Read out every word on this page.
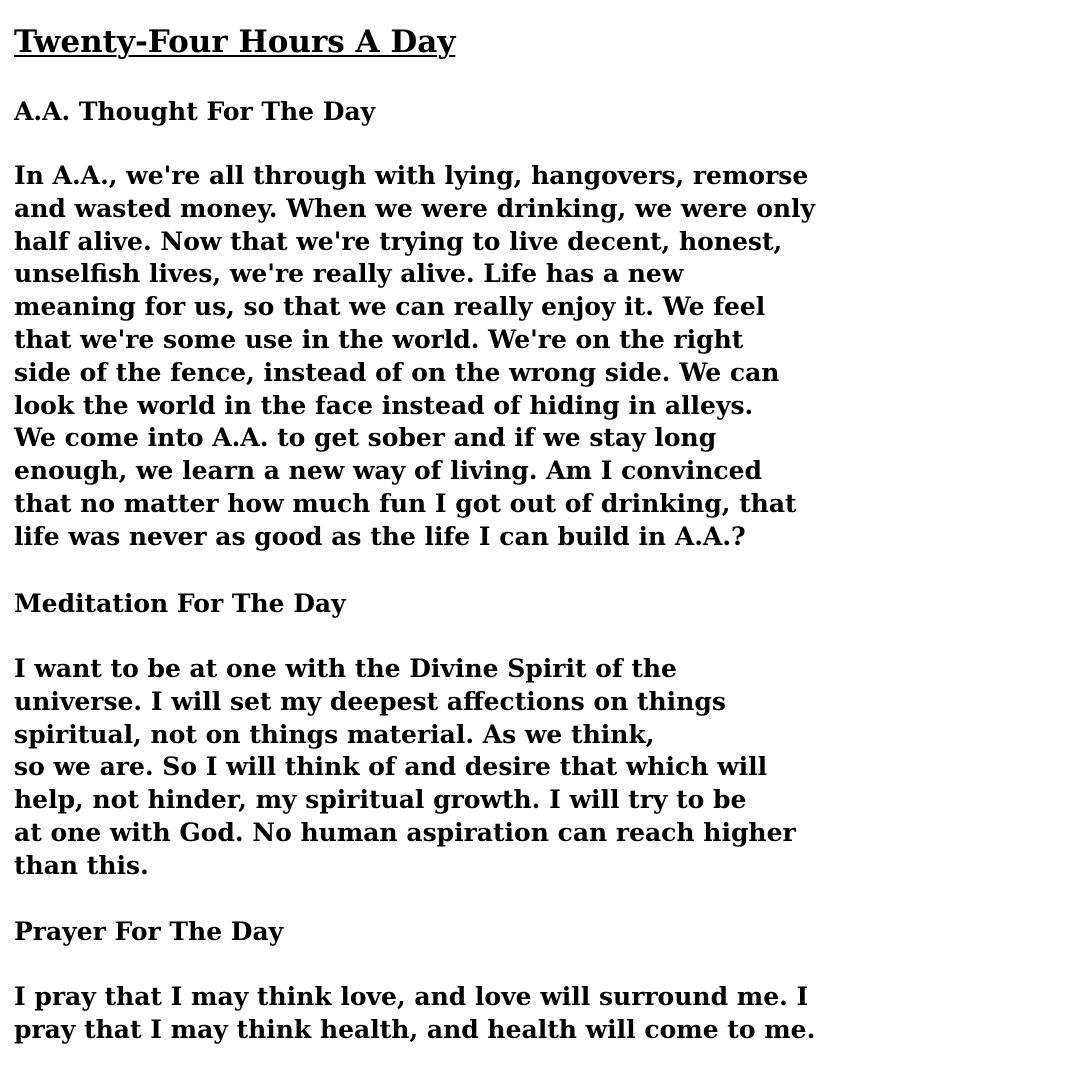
Twenty-Four Hours A Day
A.A. Thought For The Day
In A.A., we're all through with lying, hangovers, remorse
and wasted money. When we were drinking, we were only
half alive. Now that we're trying to live decent, honest,
unselfish lives, we're really alive. Life has a new
meaning for us, so that we can really enjoy it. We feel
that we're some use in the world. We're on the right
side of the fence, instead of on the wrong side. We can
look the world in the face instead of hiding in alleys.
We come into A.A. to get sober and if we stay long
enough, we learn a new way of living. Am I convinced
that no matter how much fun I got out of drinking, that
life was never as good as the life I can build in A.A.?
Meditation For The Day
I want to be at one with the Divine Spirit of the
universe. I will set my deepest affections on things
spiritual, not on things material. As we think,
so we are. So I will think of and desire that which will
help, not hinder, my spiritual growth. I will try to be
at one with God. No human aspiration can reach higher
than this.
Prayer For The Day
I pray that I may think love, and love will surround me. I
pray that I may think health, and health will come to me.
